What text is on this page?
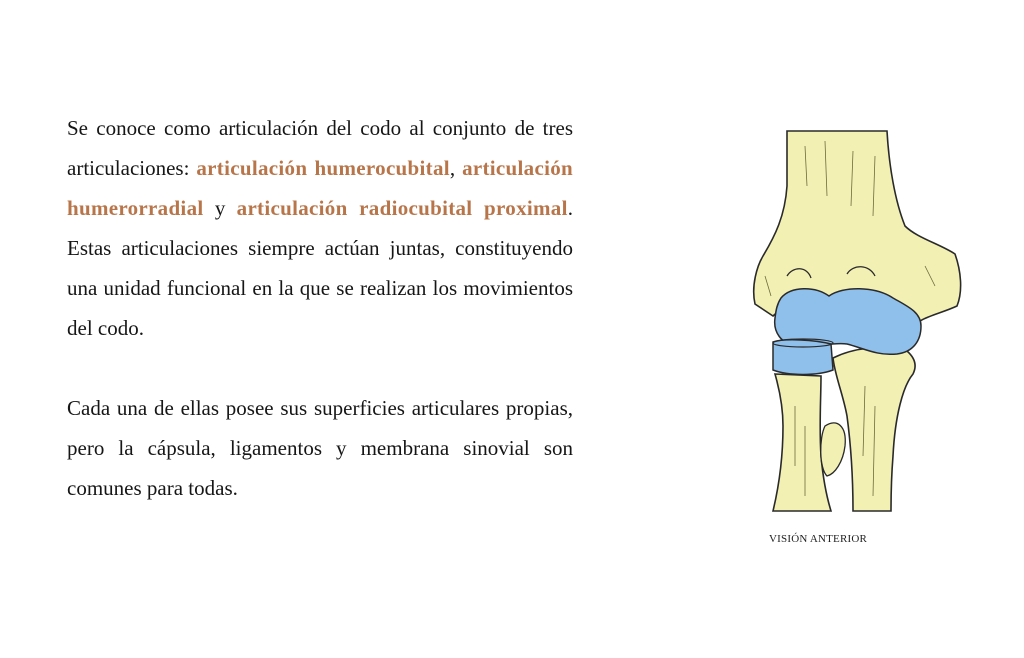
Se conoce como articulación del codo al conjunto de tres articulaciones: articulación humerocubital, articulación humerorradial y articulación radiocubital proximal. Estas articulaciones siempre actúan juntas, constituyendo una unidad funcional en la que se realizan los movimientos del codo.

Cada una de ellas posee sus superficies articulares propias, pero la cápsula, ligamentos y membrana sinovial son comunes para todas.

VISIÓN ANTERIOR
